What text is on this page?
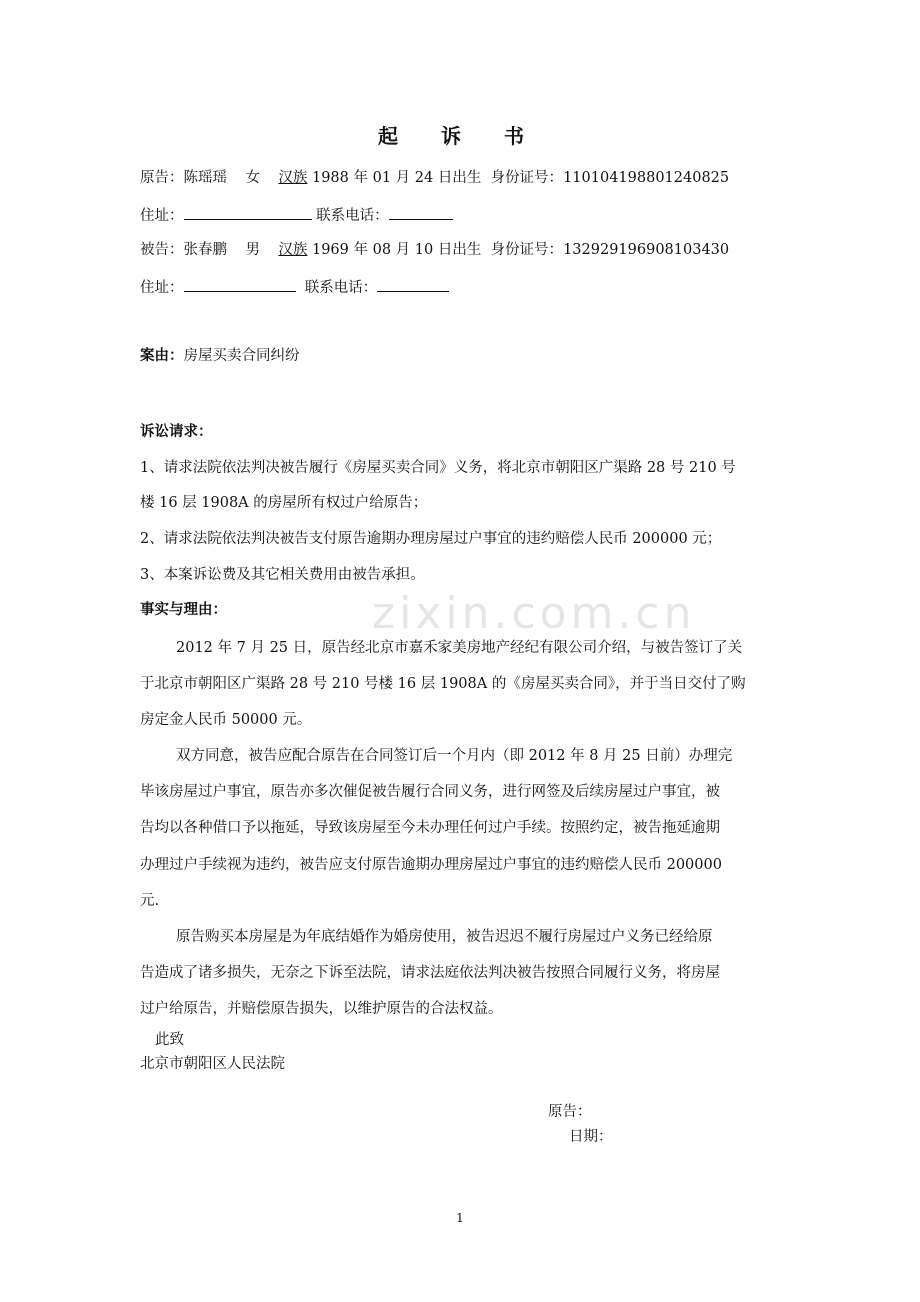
起 诉 书
原告：陈瑶瑶 女 汉族 1988 年 01 月 24 日出生 身份证号：110104198801240825
住址：	联系电话：
被告：张春鹏 男 汉族 1969 年 08 月 10 日出生 身份证号：132929196908103430
住址：	联系电话：
案由：房屋买卖合同纠纷
诉讼请求：
1、请求法院依法判决被告履行《房屋买卖合同》义务，将北京市朝阳区广渠路 28 号 210 号
楼 16 层 1908A 的房屋所有权过户给原告；
2、请求法院依法判决被告支付原告逾期办理房屋过户事宜的违约赔偿人民币 200000 元；
3、本案诉讼费及其它相关费用由被告承担。
事实与理由：
2012 年 7 月 25 日，原告经北京市嘉禾家美房地产经纪有限公司介绍，与被告签订了关
于北京市朝阳区广渠路 28 号 210 号楼 16 层 1908A 的《房屋买卖合同》，并于当日交付了购
房定金人民币 50000 元。
双方同意，被告应配合原告在合同签订后一个月内（即 2012 年 8 月 25 日前）办理完
毕该房屋过户事宜，原告亦多次催促被告履行合同义务，进行网签及后续房屋过户事宜，被
告均以各种借口予以拖延，导致该房屋至今未办理任何过户手续。按照约定，被告拖延逾期
办理过户手续视为违约，被告应支付原告逾期办理房屋过户事宜的违约赔偿人民币 200000
元.
原告购买本房屋是为年底结婚作为婚房使用，被告迟迟不履行房屋过户义务已经给原
告造成了诸多损失，无奈之下诉至法院，请求法庭依法判决被告按照合同履行义务，将房屋
过户给原告，并赔偿原告损失，以维护原告的合法权益。
此致
北京市朝阳区人民法院
原告：
日期：
zixin.com.cn
1
